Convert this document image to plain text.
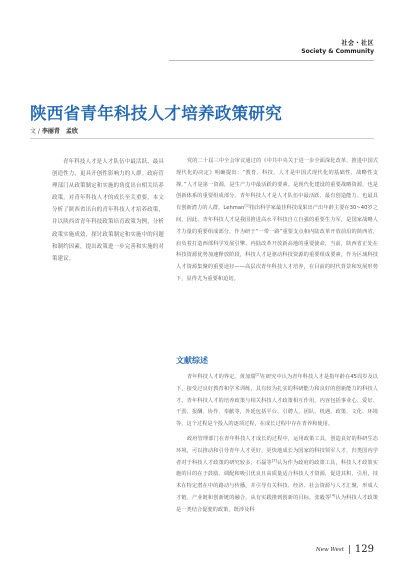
社会・社区
Society & Community
陕西省青年科技人才培养政策研究
文 / 李丽青　孟欣

青年科技人才是人才队伍中最活跃、最具创造性力、更具开创性影响力的人群。政府管理部门从政策制定和实施的角度出台相关培养政策。对青年科技人才的成长至关重要。本文分析了陕西省出台的青年科技人才培养政策，并以陕西省青年科技政策培育政策为例，分析政策实施成效，探讨政策制定和实施中的问题和制约因素，提出政策进一步完善和实施的对策建议。

党的二十届三中全会审议通过的《中共中央关于进一步全面深化改革、推进中国式现代化的决定》明确提出：“教育、科技、人才是中国式现代化的基础性、战略性支撑。”人才是第一资源，是生产力中最活跃的要素。是现代化建设的重要战略资源，也是创新体系的重要组成部分。青年科技人才是人才队伍中最活跃、最有创造能力、也最具有创新潜力的人群。Lehman[1]指出科学家最佳科技成果出产出年龄主要在30~40岁之间，因此，青年科技人才是我国推进高水平科技自立自强的重要生力军，是国家战略人才力量的重要组成部分，作为研于“一带一路”重要支点和内陆改革开放前沿的陕西省，肩负着打造西部科学发展引擎、内陆改革开放新高地的重要使命，当前，陕西省正处在科技资源优势加速释放阶段，科技人才是驱动科技资源的重要组成要素，作为区域科技人才资源集聚的重要途径——高层次青年科技人才培养，在目前的时代背景和发展形势下，显得尤为重要和迫切。

文献综述

青年科技人才的界定。黄加瑞[2]在研究中认为青年科技人才是指年龄在45周岁及以下，接受过良好教育和学术训练，具有较为扎实的科研能力和良好的创新能力的科技人才。青年科技人才的培养政策与相关科技人才政策相互作用，内容包括事业心、爱好、干劲、报酬、协作、奉献等，外延包括平台、引聘人、团队、机遇、政策、文化、环境等，这个过程是个投入的逐项过程，在成长过程中存在青养和使用。

政府管理部门在青年科技人才成长的过程中，运用政策工具，创造良好的科研生态环境，可以推动和引导青年人才更好，更快地成长为国家的科技领军人才，归类国内学者对于科技人才政策的研究较多，石磊等[3]认为作为政府的政策工具，科技人才政策实施的目的在于鼓励、调配和吸引优良且高质量适合科技人才资源，促进其积、引用，技术在特定潜在中的路动与传播，并引导有关科技、经济、社会资源与人才汇聚，形成人才链、产业链和创新链的融合。从有实践推到创新的目标，张毅等[4]认为科技人才政策是一类结合促驶的政策，既涉及科

New West 129
